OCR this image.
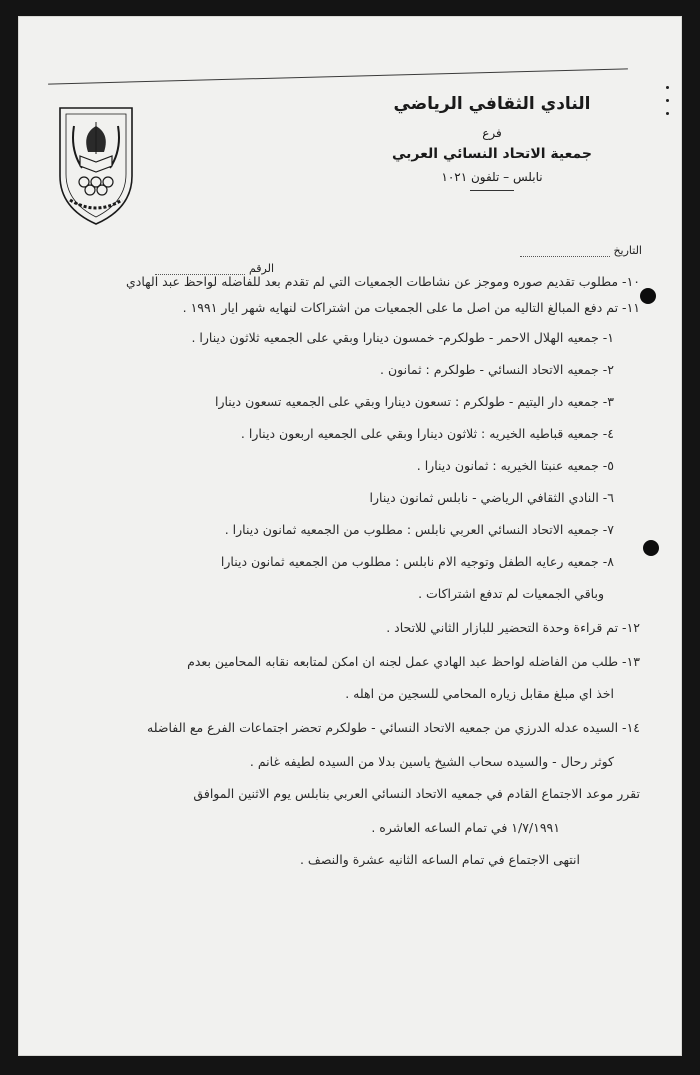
النادي الثقافي الرياضي
فرع
جمعية الاتحاد النسائي العربي
نابلس – تلفون ١٠٢١
التاريخ
الرقم
١٠- مطلوب تقديم صوره وموجز عن نشاطات الجمعيات التي لم تقدم بعد للفاضله لواحظ عبد الهادي
١١- تم دفع المبالغ التاليه من اصل ما على الجمعيات من اشتراكات لنهايه شهر ايار ١٩٩١ .
١- جمعيه الهلال الاحمر - طولكرم- خمسون دينارا وبقي على الجمعيه ثلاثون دينارا .
٢- جمعيه الاتحاد النسائي - طولكرم : ثمانون .
٣- جمعيه دار اليتيم - طولكرم : تسعون دينارا وبقي على الجمعيه تسعون دينارا
٤- جمعيه قباطيه الخيريه : ثلاثون دينارا وبقي على الجمعيه اربعون دينارا .
٥- جمعيه عنبتا الخيريه : ثمانون دينارا .
٦- النادي الثقافي الرياضي - نابلس ثمانون دينارا
٧- جمعيه الاتحاد النسائي العربي نابلس : مطلوب من الجمعيه ثمانون دينارا .
٨- جمعيه رعايه الطفل وتوجيه الام نابلس : مطلوب من الجمعيه ثمانون دينارا
وباقي الجمعيات لم تدفع اشتراكات .
١٢- تم قراءة وحدة التحضير للبازار الثاني للاتحاد .
١٣- طلب من الفاضله لواحظ عبد الهادي عمل لجنه ان امكن لمتابعه نقابه المحامين بعدم
اخذ اي مبلغ مقابل زياره المحامي للسجين من اهله .
١٤- السيده عدله الدرزي من جمعيه الاتحاد النسائي - طولكرم تحضر اجتماعات الفرع مع الفاضله
كوثر رحال - والسيده سحاب الشيخ ياسين بدلا من السيده لطيفه غانم .
تقرر موعد الاجتماع القادم في جمعيه الاتحاد النسائي العربي بنابلس يوم الاثنين الموافق
١/٧/١٩٩١ في تمام الساعه العاشره .
انتهى الاجتماع في تمام الساعه الثانيه عشرة والنصف .
